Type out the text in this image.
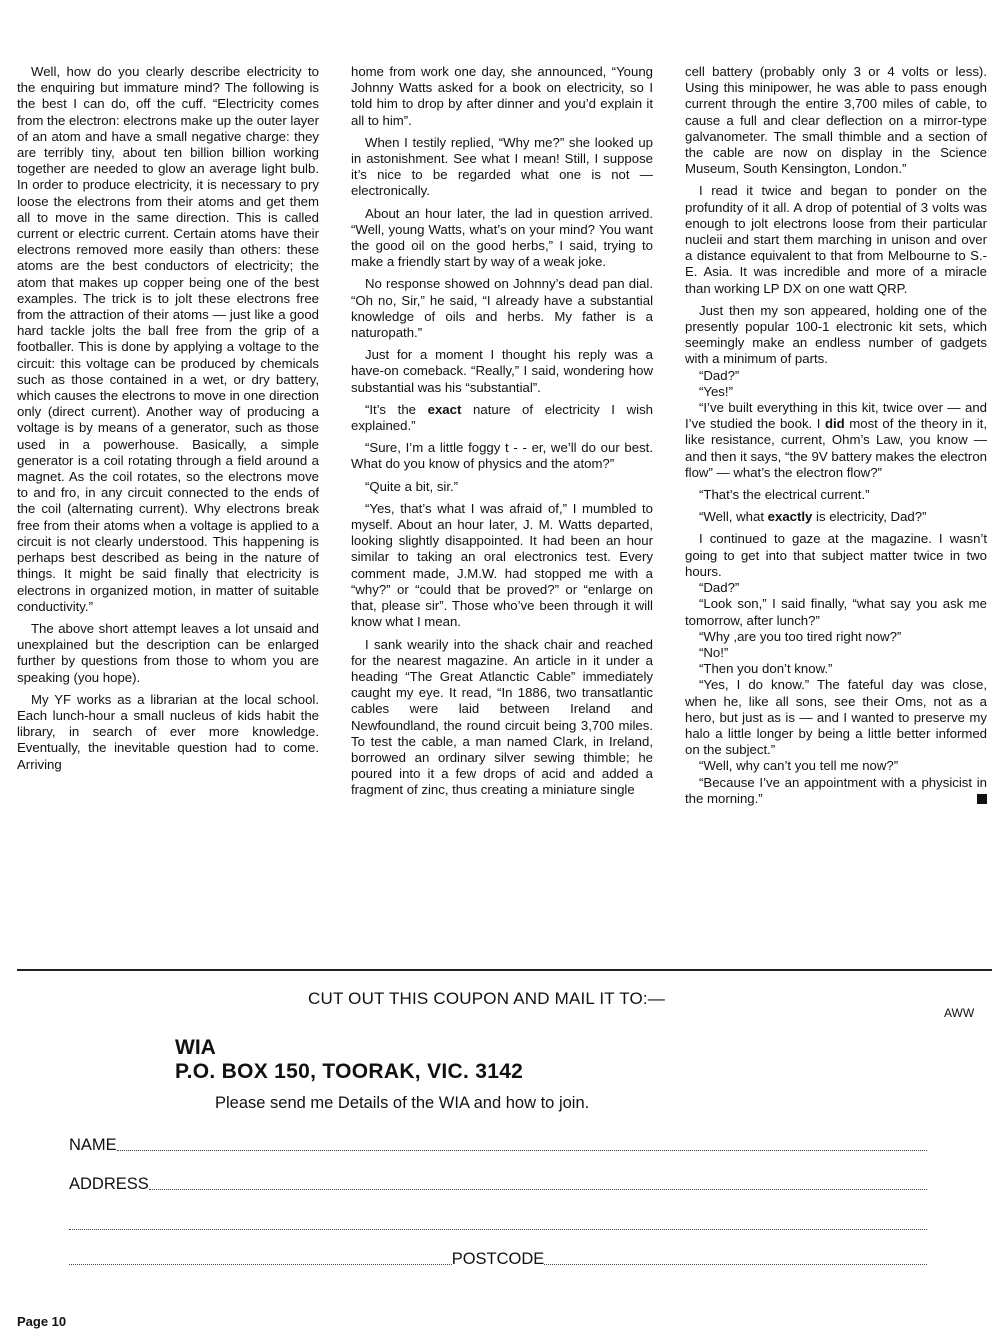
Well, how do you clearly describe electricity to the enquiring but immature mind? The following is the best I can do, off the cuff. “Electricity comes from the electron: electrons make up the outer layer of an atom and have a small negative charge: they are terribly tiny, about ten billion billion working together are needed to glow an average light bulb. In order to produce electricity, it is necessary to pry loose the electrons from their atoms and get them all to move in the same direction. This is called current or electric current. Certain atoms have their electrons removed more easily than others: these atoms are the best conductors of electricity; the atom that makes up copper being one of the best examples. The trick is to jolt these electrons free from the attraction of their atoms — just like a good hard tackle jolts the ball free from the grip of a footballer. This is done by applying a voltage to the circuit: this voltage can be produced by chemicals such as those contained in a wet, or dry battery, which causes the electrons to move in one direction only (direct current). Another way of producing a voltage is by means of a generator, such as those used in a powerhouse. Basically, a simple generator is a coil rotating through a field around a magnet. As the coil rotates, so the electrons move to and fro, in any circuit connected to the ends of the coil (alternating current). Why electrons break free from their atoms when a voltage is applied to a circuit is not clearly understood. This happening is perhaps best described as being in the nature of things. It might be said finally that electricity is electrons in organized motion, in matter of suitable conductivity.”

The above short attempt leaves a lot unsaid and unexplained but the description can be enlarged further by questions from those to whom you are speaking (you hope).

My YF works as a librarian at the local school. Each lunch-hour a small nucleus of kids habit the library, in search of ever more knowledge. Eventually, the inevitable question had to come. Arriving

home from work one day, she announced, “Young Johnny Watts asked for a book on electricity, so I told him to drop by after dinner and you’d explain it all to him”.

When I testily replied, “Why me?” she looked up in astonishment. See what I mean! Still, I suppose it’s nice to be regarded what one is not — electronically.

About an hour later, the lad in question arrived. “Well, young Watts, what’s on your mind? You want the good oil on the good herbs,” I said, trying to make a friendly start by way of a weak joke.

No response showed on Johnny’s dead pan dial. “Oh no, Sir,” he said, “I already have a substantial knowledge of oils and herbs. My father is a naturopath.”

Just for a moment I thought his reply was a have-on comeback. “Really,” I said, wondering how substantial was his “substantial”.

“It’s the exact nature of electricity I wish explained.”

“Sure, I’m a little foggy t - - er, we’ll do our best. What do you know of physics and the atom?”

“Quite a bit, sir.”

“Yes, that’s what I was afraid of,” I mumbled to myself. About an hour later, J. M. Watts departed, looking slightly disappointed. It had been an hour similar to taking an oral electronics test. Every comment made, J.M.W. had stopped me with a “why?” or “could that be proved?” or “enlarge on that, please sir”. Those who’ve been through it will know what I mean.

I sank wearily into the shack chair and reached for the nearest magazine. An article in it under a heading “The Great Atlanctic Cable” immediately caught my eye. It read, “In 1886, two transatlantic cables were laid between Ireland and Newfoundland, the round circuit being 3,700 miles. To test the cable, a man named Clark, in Ireland, borrowed an ordinary silver sewing thimble; he poured into it a few drops of acid and added a fragment of zinc, thus creating a miniature single

cell battery (probably only 3 or 4 volts or less). Using this minipower, he was able to pass enough current through the entire 3,700 miles of cable, to cause a full and clear deflection on a mirror-type galvanometer. The small thimble and a section of the cable are now on display in the Science Museum, South Kensington, London.”

I read it twice and began to ponder on the profundity of it all. A drop of potential of 3 volts was enough to jolt electrons loose from their particular nucleii and start them marching in unison and over a distance equivalent to that from Melbourne to S.-E. Asia. It was incredible and more of a miracle than working LP DX on one watt QRP.

Just then my son appeared, holding one of the presently popular 100-1 electronic kit sets, which seemingly make an endless number of gadgets with a minimum of parts.

“Dad?”

“Yes!”

“I’ve built everything in this kit, twice over — and I’ve studied the book. I did most of the theory in it, like resistance, current, Ohm’s Law, you know — and then it says, “the 9V battery makes the electron flow” — what’s the electron flow?”

“That’s the electrical current.”

“Well, what exactly is electricity, Dad?”

I continued to gaze at the magazine. I wasn’t going to get into that subject matter twice in two hours.

“Dad?”

“Look son,” I said finally, “what say you ask me tomorrow, after lunch?”

“Why ,are you too tired right now?”

“No!”

“Then you don’t know.”

“Yes, I do know.” The fateful day was close, when he, like all sons, see their Oms, not as a hero, but just as is — and I wanted to preserve my halo a little longer by being a little better informed on the subject.”

“Well, why can’t you tell me now?”

“Because I’ve an appointment with a physicist in the morning.”

CUT OUT THIS COUPON AND MAIL IT TO:—
AWW
WIA
P.O. BOX 150, TOORAK, VIC. 3142
Please send me Details of the WIA and how to join.
NAME
ADDRESS
POSTCODE
Page 10
